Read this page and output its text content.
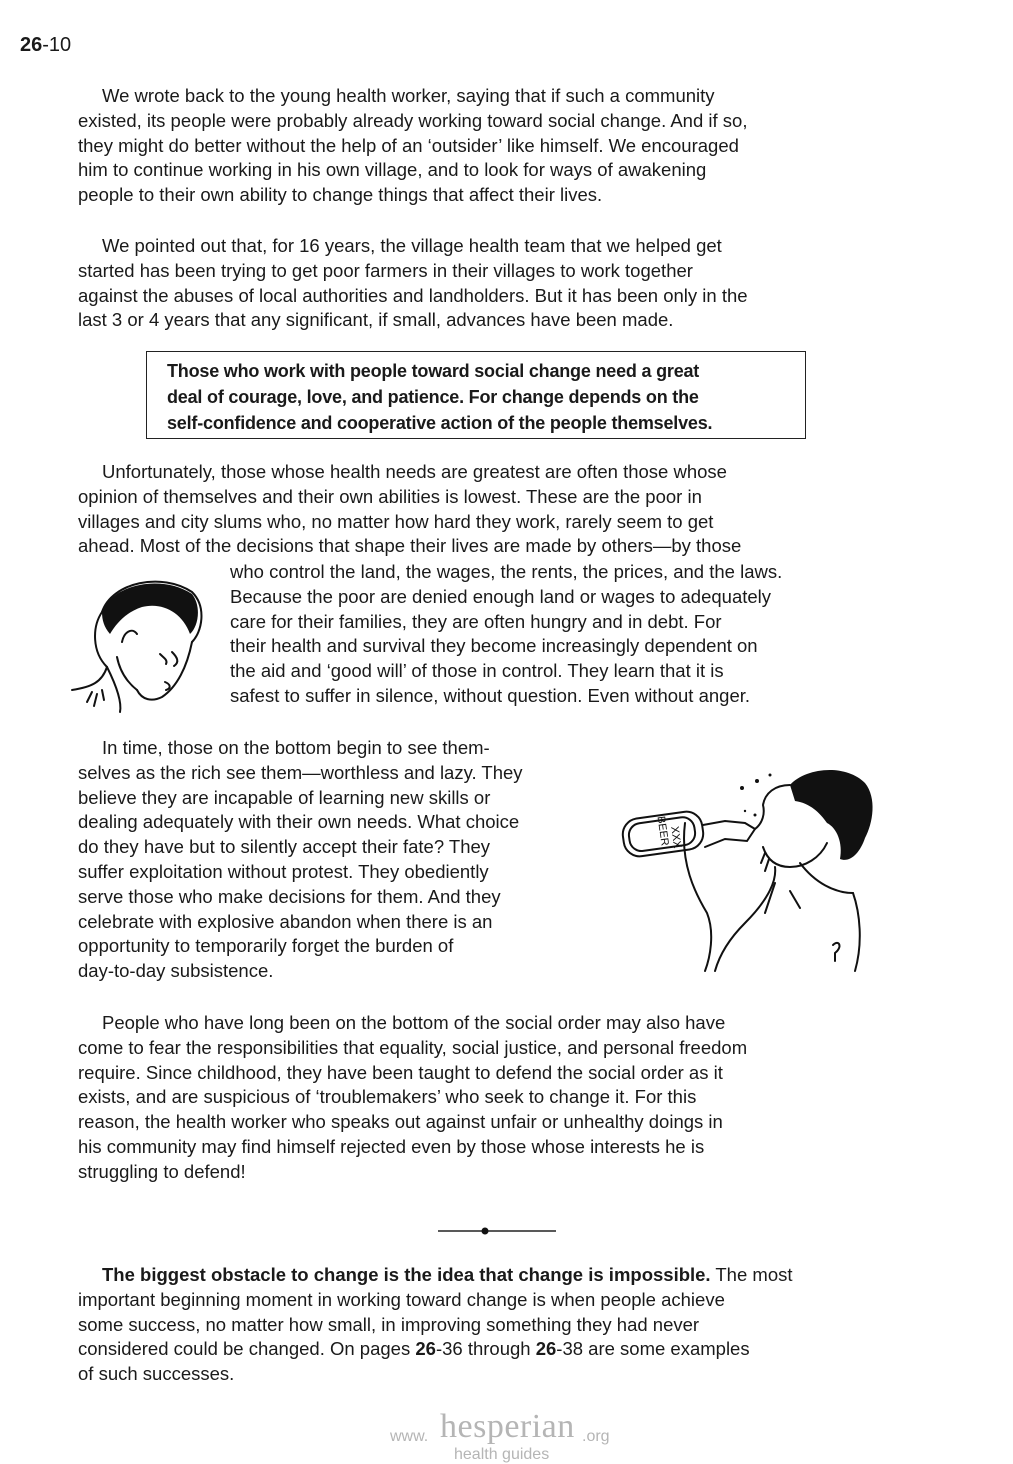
26-10
We wrote back to the young health worker, saying that if such a community
existed, its people were probably already working toward social change. And if so,
they might do better without the help of an ‘outsider’ like himself. We encouraged
him to continue working in his own village, and to look for ways of awakening
people to their own ability to change things that affect their lives.
We pointed out that, for 16 years, the village health team that we helped get
started has been trying to get poor farmers in their villages to work together
against the abuses of local authorities and landholders. But it has been only in the
last 3 or 4 years that any significant, if small, advances have been made.
Those who work with people toward social change need a great
deal of courage, love, and patience. For change depends on the
self-confidence and cooperative action of the people themselves.
Unfortunately, those whose health needs are greatest are often those whose
opinion of themselves and their own abilities is lowest. These are the poor in
villages and city slums who, no matter how hard they work, rarely seem to get
ahead. Most of the decisions that shape their lives are made by others—by those
who control the land, the wages, the rents, the prices, and the laws.
Because the poor are denied enough land or wages to adequately
care for their families, they are often hungry and in debt. For
their health and survival they become increasingly dependent on
the aid and ‘good will’ of those in control. They learn that it is
safest to suffer in silence, without question. Even without anger.
In time, those on the bottom begin to see them-
selves as the rich see them—worthless and lazy. They
believe they are incapable of learning new skills or
dealing adequately with their own needs. What choice
do they have but to silently accept their fate? They
suffer exploitation without protest. They obediently
serve those who make decisions for them. And they
celebrate with explosive abandon when there is an
opportunity to temporarily forget the burden of
day-to-day subsistence.
XXX
BEER
People who have long been on the bottom of the social order may also have
come to fear the responsibilities that equality, social justice, and personal freedom
require. Since childhood, they have been taught to defend the social order as it
exists, and are suspicious of ‘troublemakers’ who seek to change it. For this
reason, the health worker who speaks out against unfair or unhealthy doings in
his community may find himself rejected even by those whose interests he is
struggling to defend!
The biggest obstacle to change is the idea that change is impossible. The most
important beginning moment in working toward change is when people achieve
some success, no matter how small, in improving something they had never
considered could be changed. On pages 26-36 through 26-38 are some examples
of such successes.
www. hesperian .org
health guides
